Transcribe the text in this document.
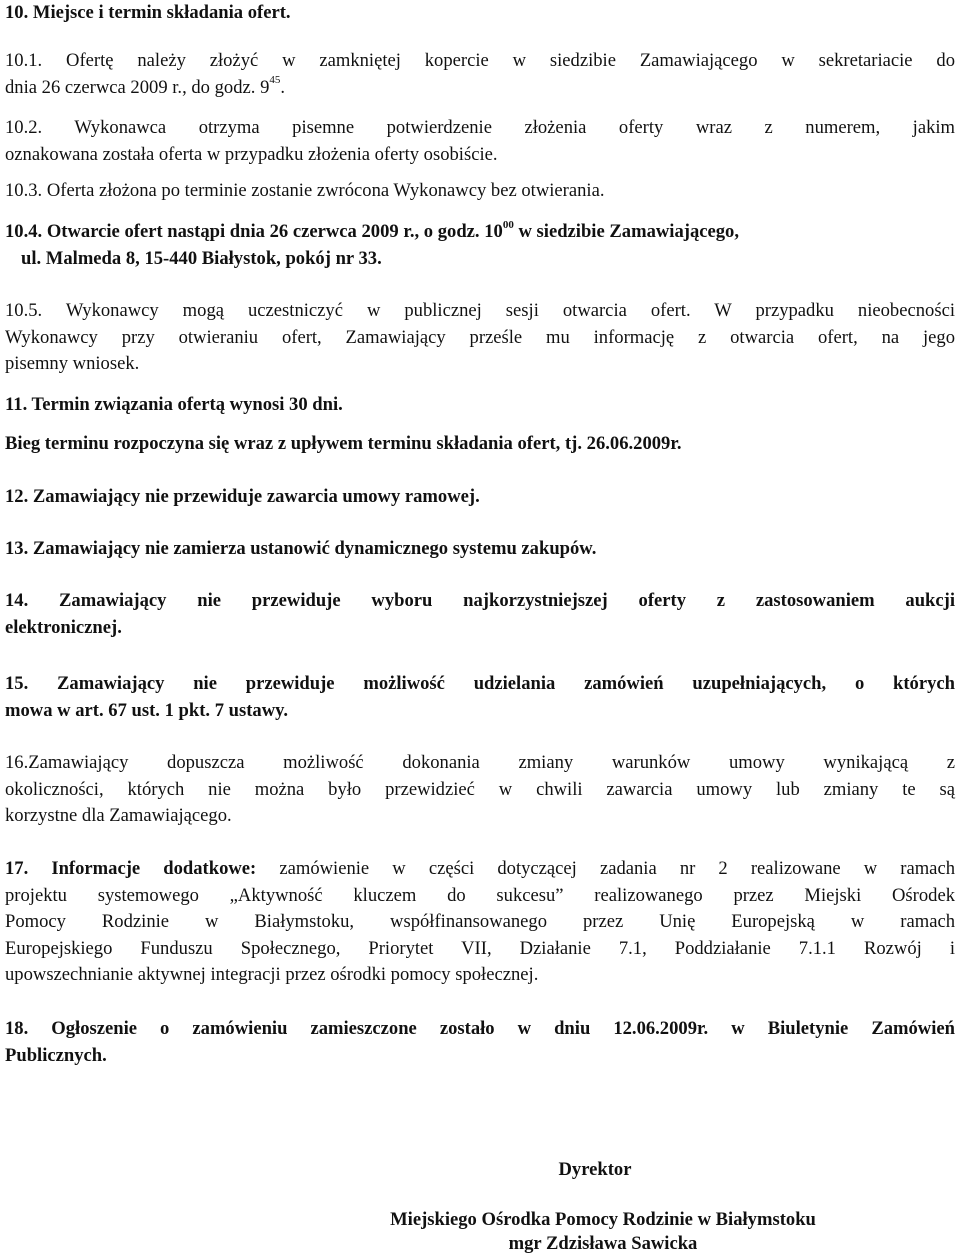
10. Miejsce i termin składania ofert.

10.1. Ofertę należy złożyć w zamkniętej kopercie w siedzibie Zamawiającego w sekretariacie do
dnia 26 czerwca 2009 r., do godz. $9^{45}$.

10.2. Wykonawca otrzyma pisemne potwierdzenie złożenia oferty wraz z numerem, jakim
oznakowana została oferta w przypadku złożenia oferty osobiście.

10.3. Oferta złożona po terminie zostanie zwrócona Wykonawcy bez otwierania.

10.4. Otwarcie ofert nastąpi dnia 26 czerwca 2009 r., o godz. $10^{00}$ w siedzibie Zamawiającego,
ul. Malmeda 8, 15-440 Białystok, pokój nr 33.

10.5. Wykonawcy mogą uczestniczyć w publicznej sesji otwarcia ofert. W przypadku nieobecności
Wykonawcy przy otwieraniu ofert, Zamawiający prześle mu informację z otwarcia ofert, na jego
pisemny wniosek.

11. Termin związania ofertą wynosi 30 dni.

Bieg terminu rozpoczyna się wraz z upływem terminu składania ofert, tj. 26.06.2009r.

12. Zamawiający nie przewiduje zawarcia umowy ramowej.

13. Zamawiający nie zamierza ustanowić dynamicznego systemu zakupów.

14. Zamawiający nie przewiduje wyboru najkorzystniejszej oferty z zastosowaniem aukcji
elektronicznej.

15. Zamawiający nie przewiduje możliwość udzielania zamówień uzupełniających, o których
mowa w art. 67 ust. 1 pkt. 7 ustawy.

16.Zamawiający dopuszcza możliwość dokonania zmiany warunków umowy wynikającą z
okoliczności, których nie można było przewidzieć w chwili zawarcia umowy lub zmiany te są
korzystne dla Zamawiającego.

17. Informacje dodatkowe: zamówienie w części dotyczącej zadania nr 2 realizowane w ramach
projektu systemowego „Aktywność kluczem do sukcesu” realizowanego przez Miejski Ośrodek
Pomocy Rodzinie w Białymstoku, współfinansowanego przez Unię Europejską w ramach
Europejskiego Funduszu Społecznego, Priorytet VII, Działanie 7.1, Poddziałanie 7.1.1 Rozwój i
upowszechnianie aktywnej integracji przez ośrodki pomocy społecznej.

18. Ogłoszenie o zamówieniu zamieszczone zostało w dniu 12.06.2009r. w Biuletynie Zamówień
Publicznych.

Dyrektor
Miejskiego Ośrodka Pomocy Rodzinie w Białymstoku
mgr Zdzisława Sawicka
